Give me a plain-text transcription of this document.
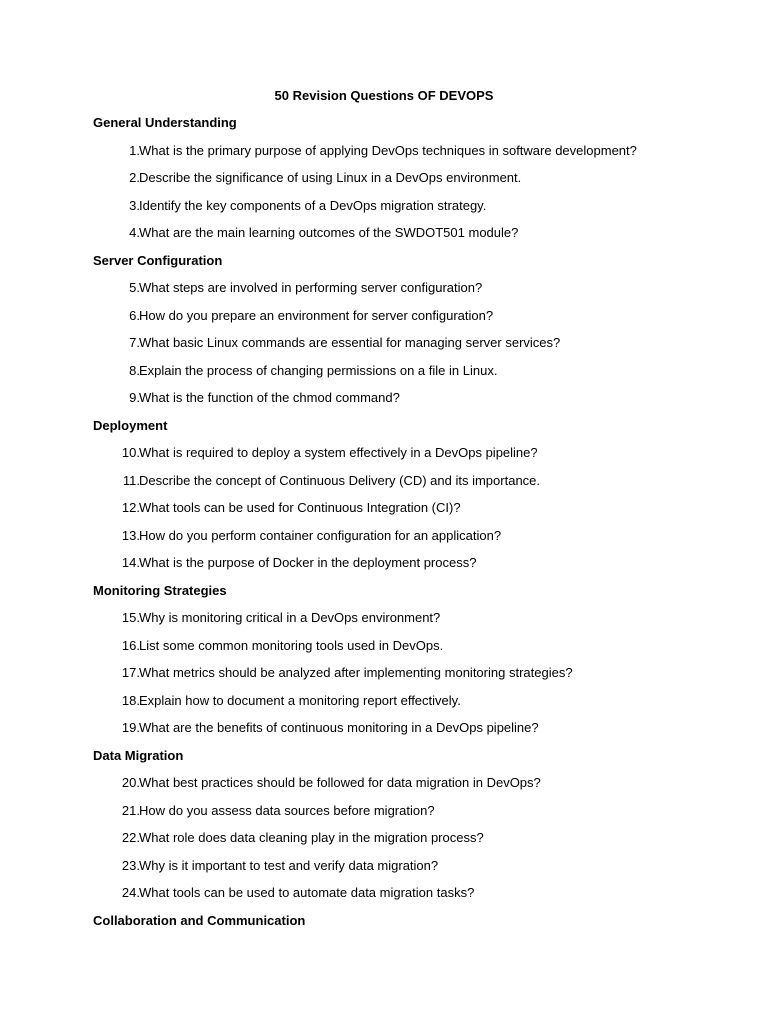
50 Revision Questions OF DEVOPS
General Understanding
1. What is the primary purpose of applying DevOps techniques in software development?
2. Describe the significance of using Linux in a DevOps environment.
3. Identify the key components of a DevOps migration strategy.
4. What are the main learning outcomes of the SWDOT501 module?
Server Configuration
5. What steps are involved in performing server configuration?
6. How do you prepare an environment for server configuration?
7. What basic Linux commands are essential for managing server services?
8. Explain the process of changing permissions on a file in Linux.
9. What is the function of the chmod command?
Deployment
10. What is required to deploy a system effectively in a DevOps pipeline?
11. Describe the concept of Continuous Delivery (CD) and its importance.
12. What tools can be used for Continuous Integration (CI)?
13. How do you perform container configuration for an application?
14. What is the purpose of Docker in the deployment process?
Monitoring Strategies
15. Why is monitoring critical in a DevOps environment?
16. List some common monitoring tools used in DevOps.
17. What metrics should be analyzed after implementing monitoring strategies?
18. Explain how to document a monitoring report effectively.
19. What are the benefits of continuous monitoring in a DevOps pipeline?
Data Migration
20. What best practices should be followed for data migration in DevOps?
21. How do you assess data sources before migration?
22. What role does data cleaning play in the migration process?
23. Why is it important to test and verify data migration?
24. What tools can be used to automate data migration tasks?
Collaboration and Communication
